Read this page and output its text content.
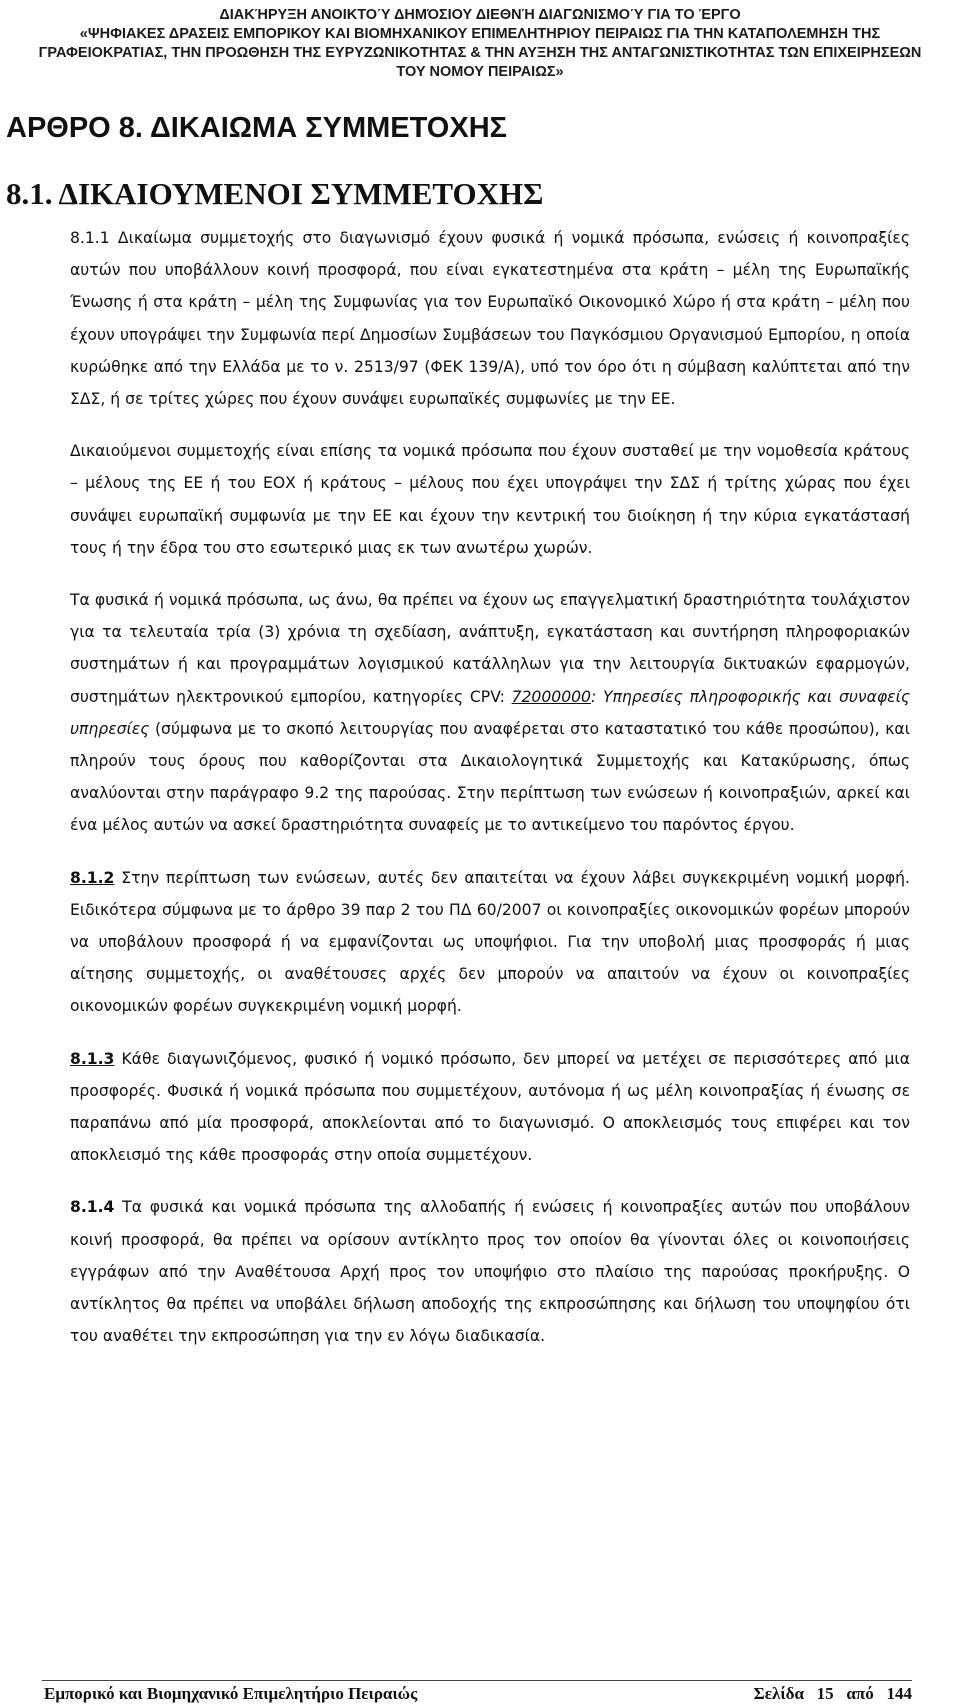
ΔΙΑΚΉΡΥΞΗ ΑΝΟΙΚΤΟΎ ΔΗΜΌΣΙΟΥ ΔΙΕΘΝΉ ΔΙΑΓΩΝΙΣΜΟΎ ΓΙΑ ΤΟ ΈΡΓΟ
«ΨΗΦΙΑΚΕΣ ΔΡΑΣΕΙΣ ΕΜΠΟΡΙΚΟΥ ΚΑΙ ΒΙΟΜΗΧΑΝΙΚΟΥ ΕΠΙΜΕΛΗΤΗΡΙΟΥ ΠΕΙΡΑΙΩΣ ΓΙΑ ΤΗΝ ΚΑΤΑΠΟΛΕΜΗΣΗ ΤΗΣ
ΓΡΑΦΕΙΟΚΡΑΤΙΑΣ, ΤΗΝ ΠΡΟΩΘΗΣΗ ΤΗΣ ΕΥΡΥΖΩΝΙΚΟΤΗΤΑΣ & ΤΗΝ ΑΥΞΗΣΗ ΤΗΣ ΑΝΤΑΓΩΝΙΣΤΙΚΟΤΗΤΑΣ ΤΩΝ ΕΠΙΧΕΙΡΗΣΕΩΝ
ΤΟΥ ΝΟΜΟΥ ΠΕΙΡΑΙΩΣ»
ΑΡΘΡΟ 8. ΔΙΚΑΙΩΜΑ ΣΥΜΜΕΤΟΧΗΣ
8.1. ΔΙΚΑΙΟΥΜΕΝΟΙ ΣΥΜΜΕΤΟΧΗΣ

8.1.1 Δικαίωμα συμμετοχής στο διαγωνισμό έχουν φυσικά ή νομικά πρόσωπα, ενώσεις ή κοινοπραξίες αυτών που υποβάλλουν κοινή προσφορά, που είναι εγκατεστημένα στα κράτη – μέλη της Ευρωπαϊκής Ένωσης ή στα κράτη – μέλη της Συμφωνίας για τον Ευρωπαϊκό Οικονομικό Χώρο ή στα κράτη – μέλη που έχουν υπογράψει την Συμφωνία περί Δημοσίων Συμβάσεων του Παγκόσμιου Οργανισμού Εμπορίου, η οποία κυρώθηκε από την Ελλάδα με το ν. 2513/97 (ΦΕΚ 139/Α), υπό τον όρο ότι η σύμβαση καλύπτεται από την ΣΔΣ, ή σε τρίτες χώρες που έχουν συνάψει ευρωπαϊκές συμφωνίες με την ΕΕ.

Δικαιούμενοι συμμετοχής είναι επίσης τα νομικά πρόσωπα που έχουν συσταθεί με την νομοθεσία κράτους – μέλους της ΕΕ ή του ΕΟΧ ή κράτους – μέλους που έχει υπογράψει την ΣΔΣ ή τρίτης χώρας που έχει συνάψει ευρωπαϊκή συμφωνία με την ΕΕ και έχουν την κεντρική του διοίκηση ή την κύρια εγκατάστασή τους ή την έδρα του στο εσωτερικό μιας εκ των ανωτέρω χωρών.

Τα φυσικά ή νομικά πρόσωπα, ως άνω, θα πρέπει να έχουν ως επαγγελματική δραστηριότητα τουλάχιστον για τα τελευταία τρία (3) χρόνια τη σχεδίαση, ανάπτυξη, εγκατάσταση και συντήρηση πληροφοριακών συστημάτων ή και προγραμμάτων λογισμικού κατάλληλων για την λειτουργία δικτυακών εφαρμογών, συστημάτων ηλεκτρονικού εμπορίου, κατηγορίες CPV: 72000000: Υπηρεσίες πληροφορικής και συναφείς υπηρεσίες (σύμφωνα με το σκοπό λειτουργίας που αναφέρεται στο καταστατικό του κάθε προσώπου), και πληρούν τους όρους που καθορίζονται στα Δικαιολογητικά Συμμετοχής και Κατακύρωσης, όπως αναλύονται στην παράγραφο 9.2 της παρούσας. Στην περίπτωση των ενώσεων ή κοινοπραξιών, αρκεί και ένα μέλος αυτών να ασκεί δραστηριότητα συναφείς με το αντικείμενο του παρόντος έργου.

8.1.2 Στην περίπτωση των ενώσεων, αυτές δεν απαιτείται να έχουν λάβει συγκεκριμένη νομική μορφή. Ειδικότερα σύμφωνα με το άρθρο 39 παρ 2 του ΠΔ 60/2007 οι κοινοπραξίες οικονομικών φορέων μπορούν να υποβάλουν προσφορά ή να εμφανίζονται ως υποψήφιοι. Για την υποβολή μιας προσφοράς ή μιας αίτησης συμμετοχής, οι αναθέτουσες αρχές δεν μπορούν να απαιτούν να έχουν οι κοινοπραξίες οικονομικών φορέων συγκεκριμένη νομική μορφή.

8.1.3 Κάθε διαγωνιζόμενος, φυσικό ή νομικό πρόσωπο, δεν μπορεί να μετέχει σε περισσότερες από μια προσφορές. Φυσικά ή νομικά πρόσωπα που συμμετέχουν, αυτόνομα ή ως μέλη κοινοπραξίας ή ένωσης σε παραπάνω από μία προσφορά, αποκλείονται από το διαγωνισμό. Ο αποκλεισμός τους επιφέρει και τον αποκλεισμό της κάθε προσφοράς στην οποία συμμετέχουν.

8.1.4 Τα φυσικά και νομικά πρόσωπα της αλλοδαπής ή ενώσεις ή κοινοπραξίες αυτών που υποβάλουν κοινή προσφορά, θα πρέπει να ορίσουν αντίκλητο προς τον οποίον θα γίνονται όλες οι κοινοποιήσεις εγγράφων από την Αναθέτουσα Αρχή προς τον υποψήφιο στο πλαίσιο της παρούσας προκήρυξης. Ο αντίκλητος θα πρέπει να υποβάλει δήλωση αποδοχής της εκπροσώπησης και δήλωση του υποψηφίου ότι του αναθέτει την εκπροσώπηση για την εν λόγω διαδικασία.

Εμπορικό και Βιομηχανικό Επιμελητήριο Πειραιώς	Σελίδα   15   από   144
